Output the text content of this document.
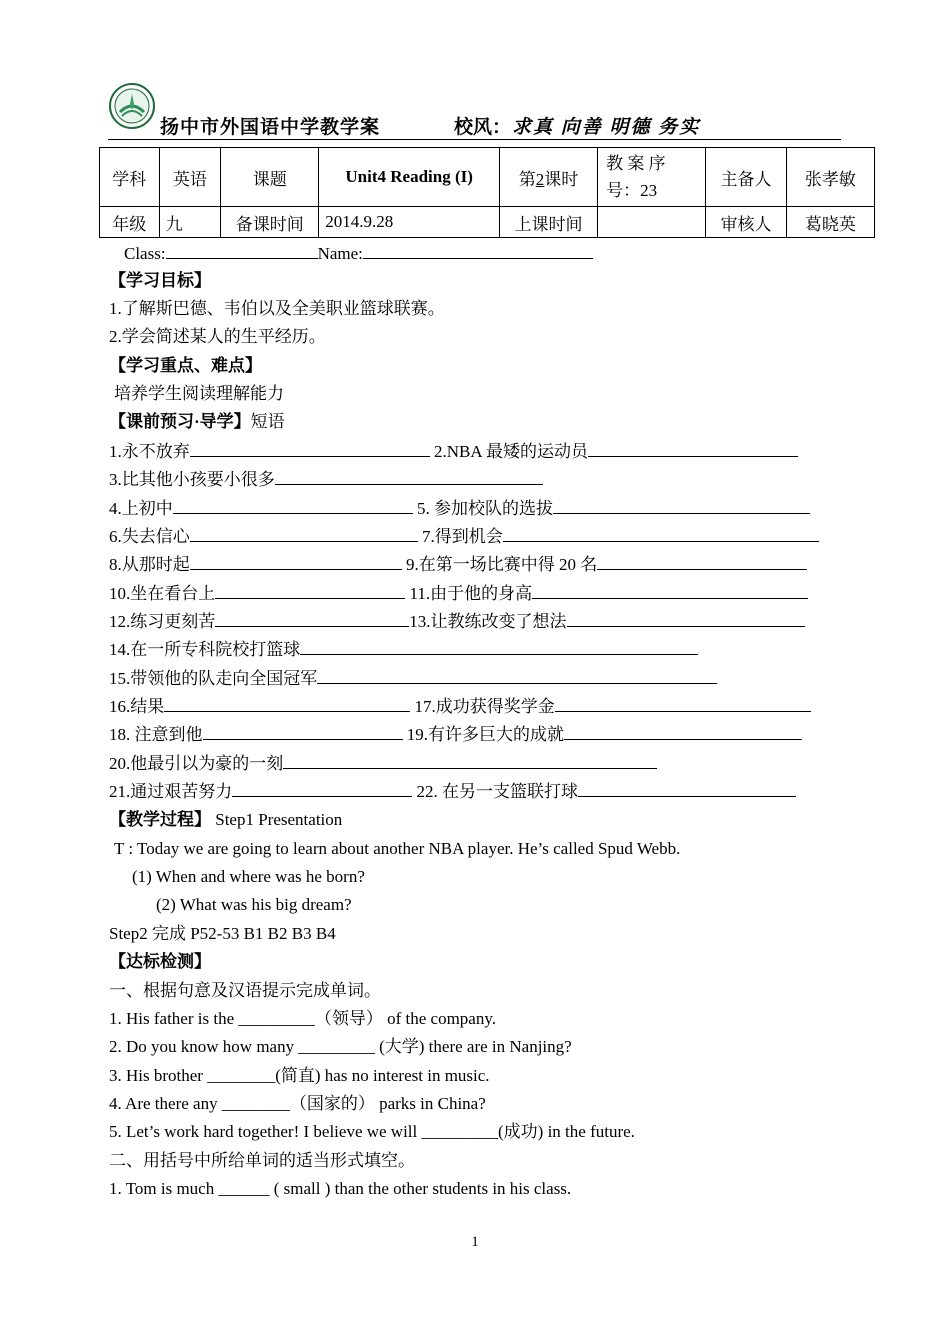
扬中市外国语中学教学案	校风： 求真 向善 明德 务实
学科	英语	课题	Unit4 Reading (I)	第2课时	教 案 序 号：23	主备人	张孝敏
年级	九	备课时间	2014.9.28	上课时间		审核人	葛晓英
Class:	Name:
【学习目标】
1.了解斯巴德、韦伯以及全美职业篮球联赛。
2.学会简述某人的生平经历。
【学习重点、难点】
培养学生阅读理解能力
【课前预习·导学】短语
1.永不放弃	2.NBA 最矮的运动员
3.比其他小孩要小很多
4.上初中	5. 参加校队的选拔
6.失去信心	7.得到机会
8.从那时起	9.在第一场比赛中得 20 名
10.坐在看台上	11.由于他的身高
12.练习更刻苦	13.让教练改变了想法
14.在一所专科院校打篮球
15.带领他的队走向全国冠军
16.结果	17.成功获得奖学金
18. 注意到他	19.有许多巨大的成就
20.他最引以为豪的一刻
21.通过艰苦努力	22. 在另一支篮联打球
【教学过程】 Step1 Presentation
T : Today we are going to learn about another NBA player. He’s called Spud Webb.
(1) When and where was he born?
(2) What was his big dream?
Step2 完成 P52-53 B1 B2 B3 B4
【达标检测】
一、根据句意及汉语提示完成单词。
1. His father is the _________（领导） of the company.
2. Do you know how many _________ (大学) there are in Nanjing?
3. His brother ________(简直) has no interest in music.
4. Are there any ________（国家的） parks in China?
5. Let’s work hard together! I believe we will _________(成功) in the future.
二、用括号中所给单词的适当形式填空。
1. Tom is much ______ ( small ) than the other students in his class.
1
